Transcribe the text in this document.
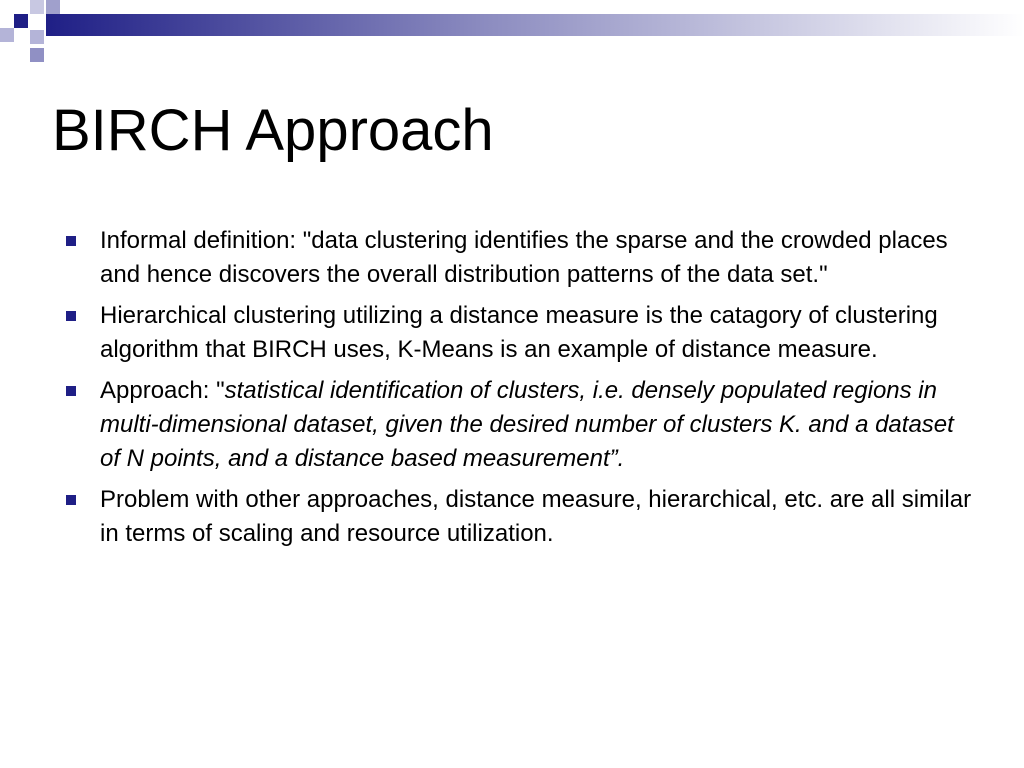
BIRCH Approach
Informal definition: "data clustering identifies the sparse and the crowded places and hence discovers the overall distribution patterns of the data set."
Hierarchical clustering utilizing a distance measure is the catagory of clustering algorithm that BIRCH uses, K-Means is an example of distance measure.
Approach: "statistical identification of clusters, i.e. densely populated regions in multi-dimensional dataset, given the desired number of clusters K. and a dataset of N points, and a distance based measurement”.
Problem with other approaches, distance measure, hierarchical, etc. are all similar in terms of scaling and resource utilization.
